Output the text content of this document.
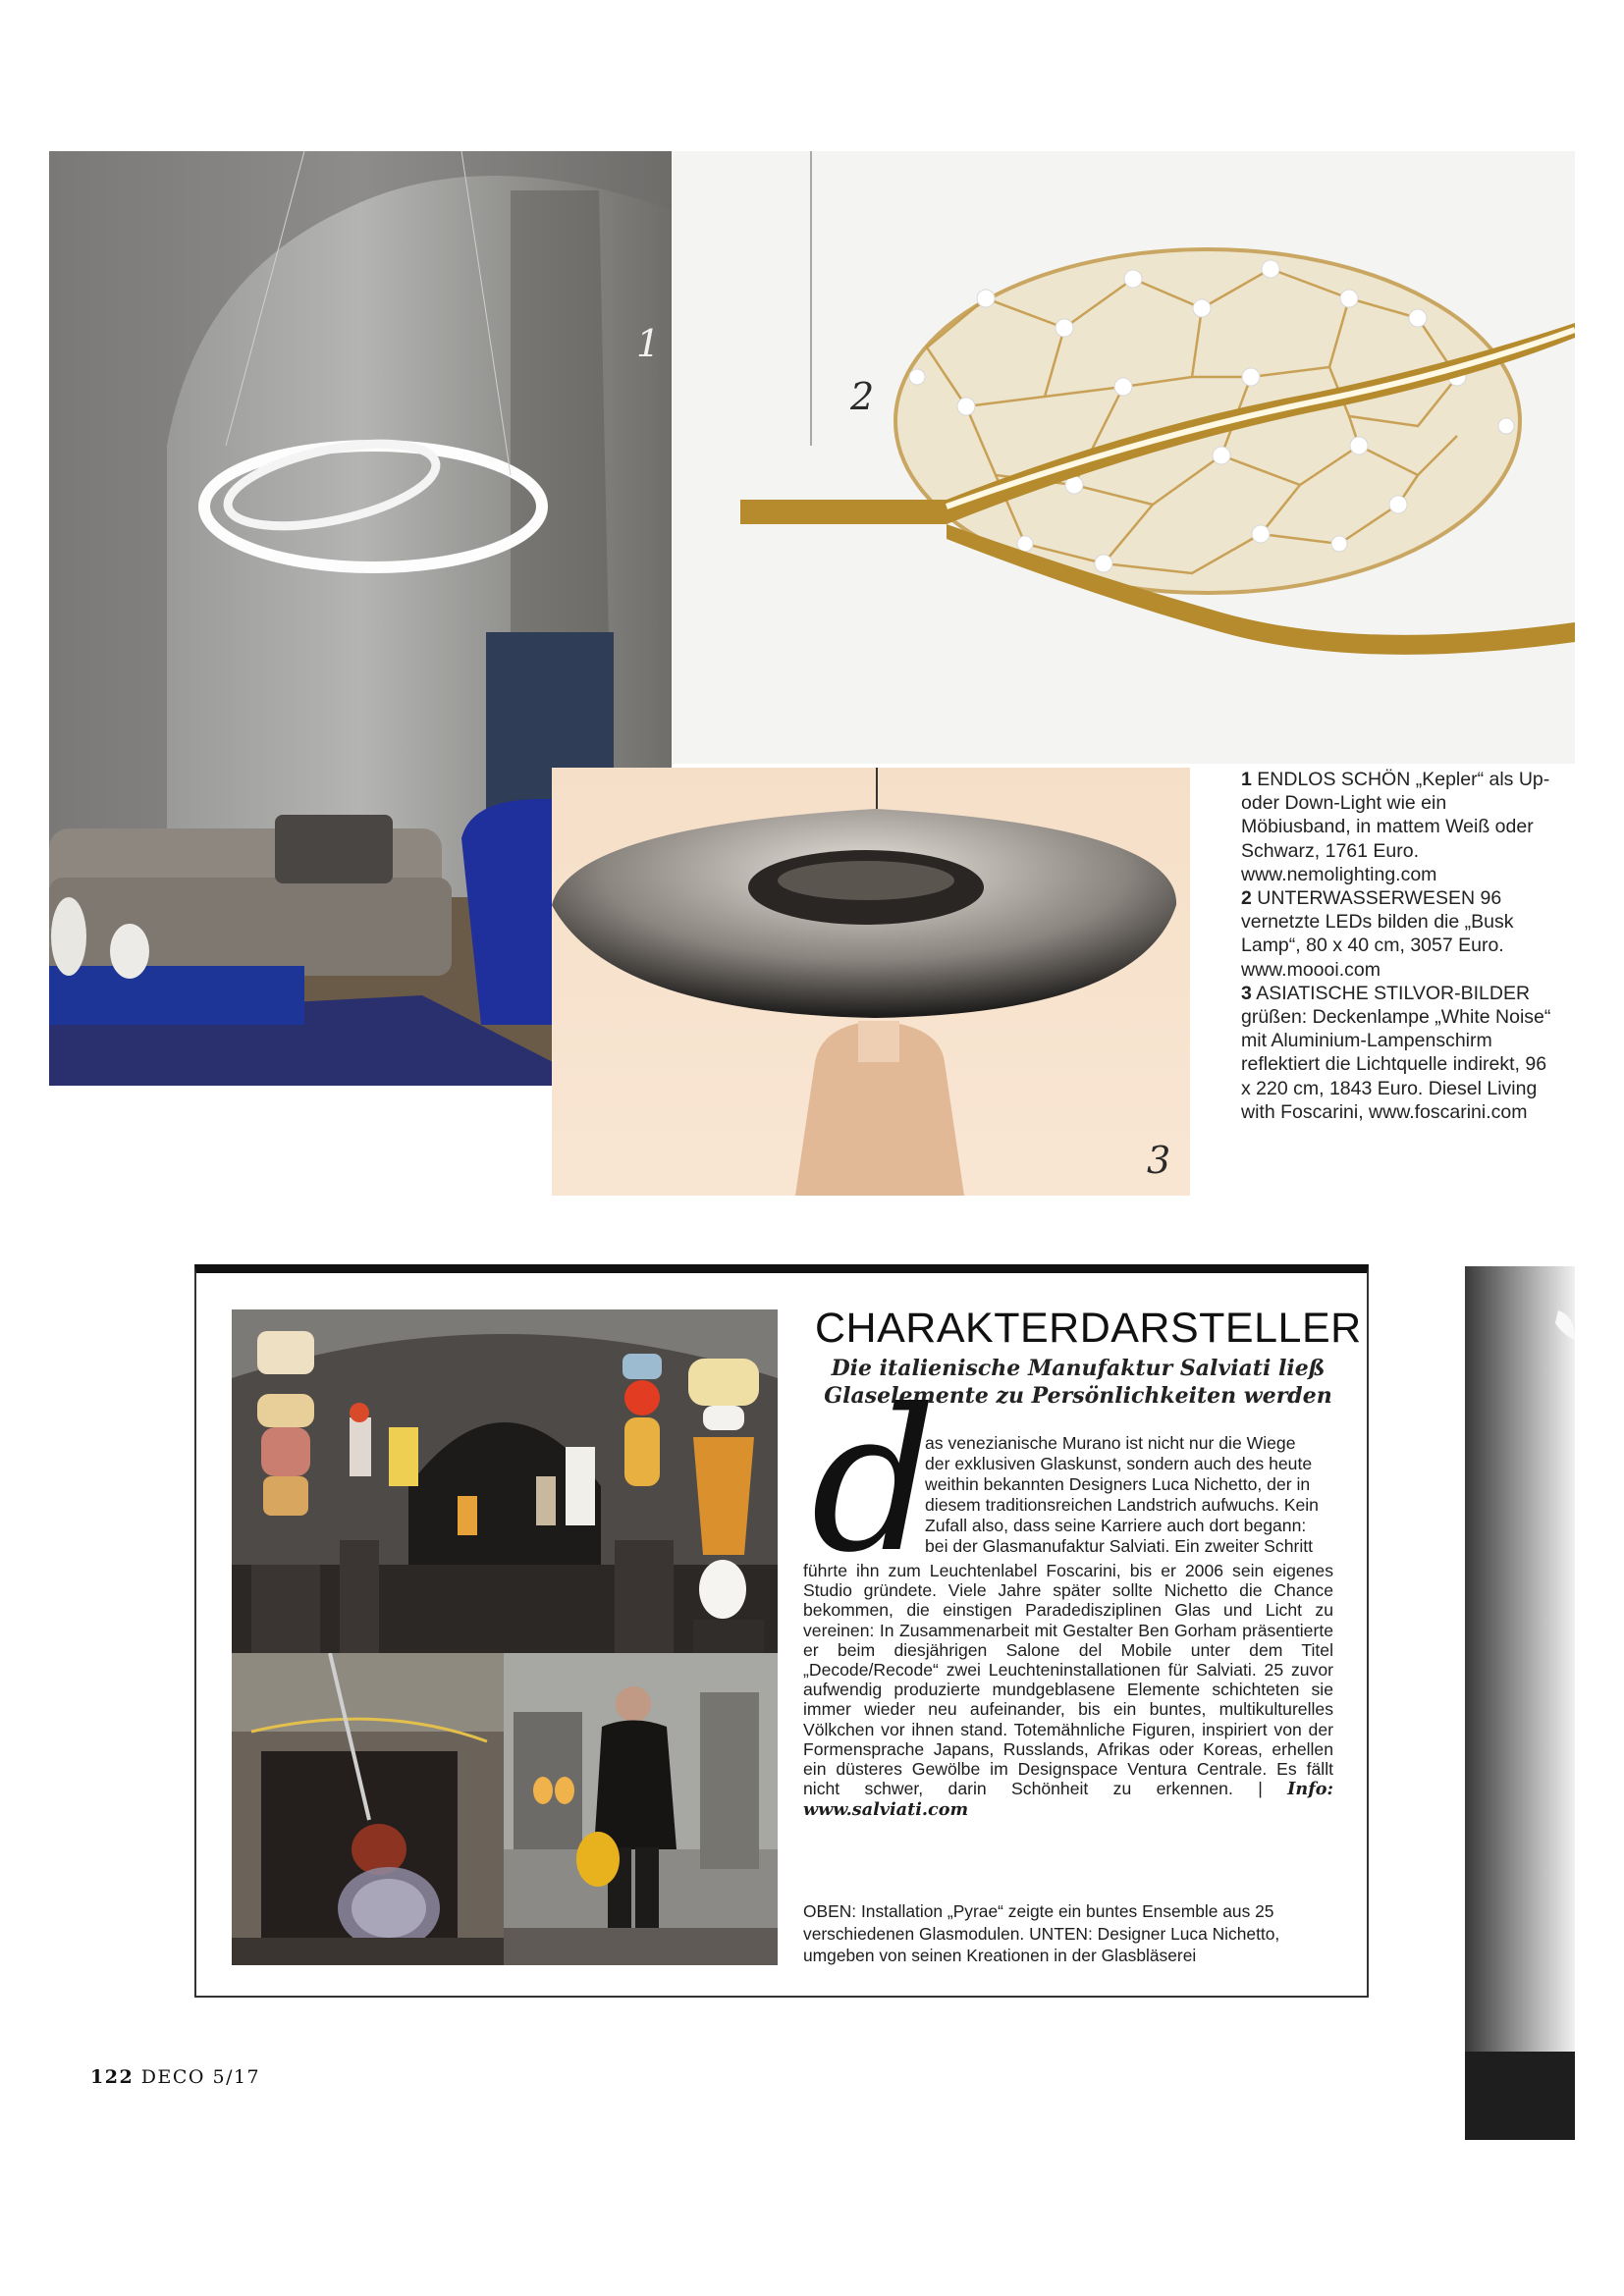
1
2
3

1 ENDLOS SCHÖN „Kepler“ als Up- oder Down-Light wie ein Möbiusband, in mattem Weiß oder Schwarz, 1761 Euro. www.nemolighting.com

2 UNTERWASSERWESEN 96 vernetzte LEDs bilden die „Busk Lamp“, 80 x 40 cm, 3057 Euro. www.moooi.com

3 ASIATISCHE STILVOR-BILDER grüßen: Deckenlampe „White Noise“ mit Aluminium-Lampenschirm reflektiert die Lichtquelle indirekt, 96 x 220 cm, 1843 Euro. Diesel Living with Foscarini, www.foscarini.com

CHARAKTERDARSTELLER
Die italienische Manufaktur Salviati ließ
Glaselemente zu Persönlichkeiten werden
d
as venezianische Murano ist nicht nur die Wiege
der exklusiven Glaskunst, sondern auch des heute
weithin bekannten Designers Luca Nichetto, der in
diesem traditionsreichen Landstrich aufwuchs. Kein
Zufall also, dass seine Karriere auch dort begann:
bei der Glasmanufaktur Salviati. Ein zweiter Schritt

führte ihn zum Leuchtenlabel Foscarini, bis er 2006 sein eigenes Studio gründete. Viele Jahre später sollte Nichetto die Chance bekommen, die einstigen Paradedisziplinen Glas und Licht zu vereinen: In Zusammenarbeit mit Gestalter Ben Gorham präsentierte er beim diesjährigen Salone del Mobile unter dem Titel „Decode/Recode“ zwei Leuchteninstallationen für Salviati. 25 zuvor aufwendig produzierte mundgeblasene Elemente schichteten sie immer wieder neu aufeinander, bis ein buntes, multikulturelles Völkchen vor ihnen stand. Totemähnliche Figuren, inspiriert von der Formensprache Japans, Russlands, Afrikas oder Koreas, erhellen ein düsteres Gewölbe im Designspace Ventura Centrale. Es fällt nicht schwer, darin Schönheit zu erkennen. | Info: www.salviati.com

OBEN: Installation „Pyrae“ zeigte ein buntes Ensemble aus 25 verschiedenen Glasmodulen. UNTEN: Designer Luca Nichetto, umgeben von seinen Kreationen in der Glasbläserei

122 DECO 5/17
